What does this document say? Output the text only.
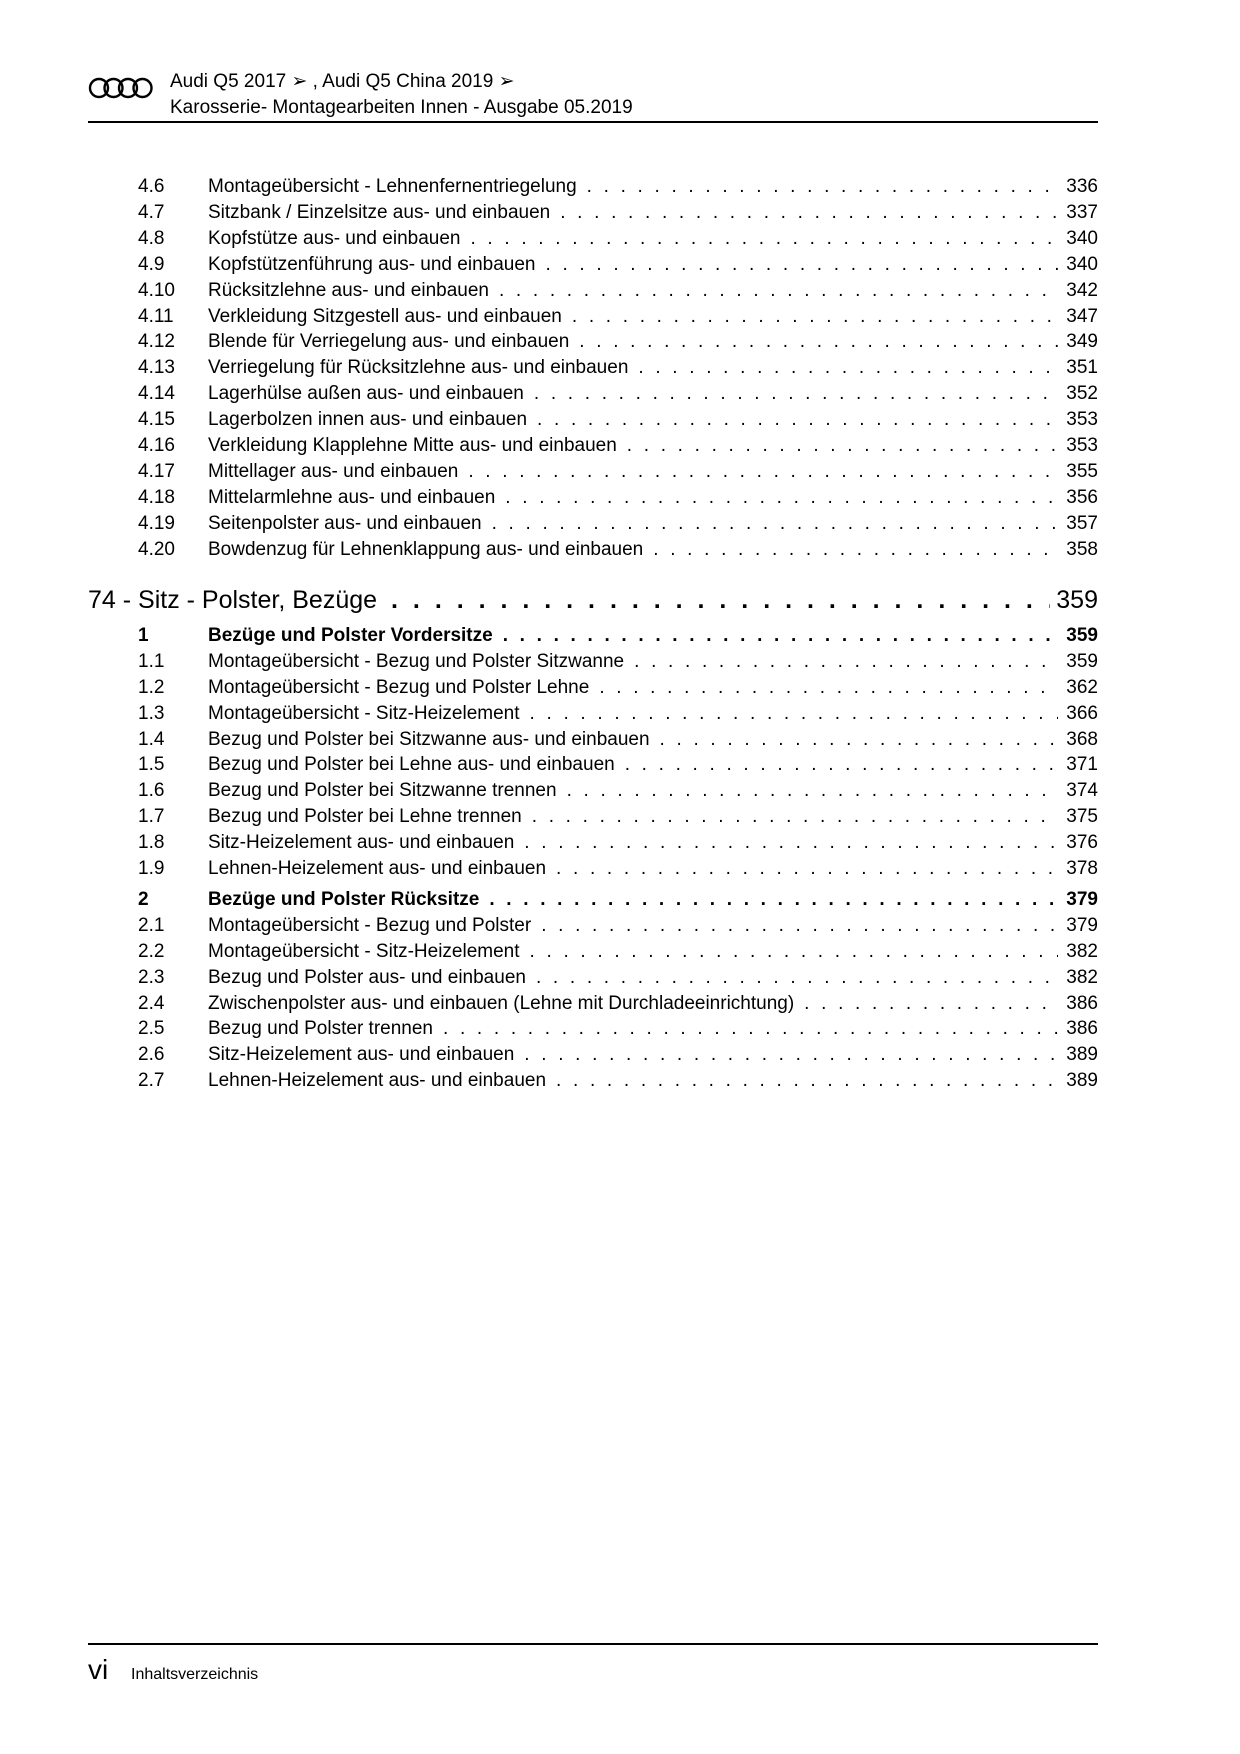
Audi Q5 2017 ➢ , Audi Q5 China 2019 ➢
Karosserie- Montagearbeiten Innen - Ausgabe 05.2019
74 - Sitz - Polster, Bezüge . . .	359
4.6 Montageübersicht - Lehnenfernentriegelung . . .	336
4.7 Sitzbank / Einzelsitze aus- und einbauen . . .	337
4.8 Kopfstütze aus- und einbauen . . .	340
4.9 Kopfstützenführung aus- und einbauen . . .	340
4.10 Rücksitzlehne aus- und einbauen . . .	342
4.11 Verkleidung Sitzgestell aus- und einbauen . . .	347
4.12 Blende für Verriegelung aus- und einbauen . . .	349
4.13 Verriegelung für Rücksitzlehne aus- und einbauen . . .	351
4.14 Lagerhülse außen aus- und einbauen . . .	352
4.15 Lagerbolzen innen aus- und einbauen . . .	353
4.16 Verkleidung Klapplehne Mitte aus- und einbauen . . .	353
4.17 Mittellager aus- und einbauen . . .	355
4.18 Mittelarmlehne aus- und einbauen . . .	356
4.19 Seitenpolster aus- und einbauen . . .	357
4.20 Bowdenzug für Lehnenklappung aus- und einbauen . . .	358
1	Bezüge und Polster Vordersitze . . .	359
1.1 Montageübersicht - Bezug und Polster Sitzwanne . . .	359
1.2 Montageübersicht - Bezug und Polster Lehne . . .	362
1.3 Montageübersicht - Sitz-Heizelement . . .	366
1.4 Bezug und Polster bei Sitzwanne aus- und einbauen . . .	368
1.5 Bezug und Polster bei Lehne aus- und einbauen . . .	371
1.6 Bezug und Polster bei Sitzwanne trennen . . .	374
1.7 Bezug und Polster bei Lehne trennen . . .	375
1.8 Sitz-Heizelement aus- und einbauen . . .	376
1.9 Lehnen-Heizelement aus- und einbauen . . .	378
2	Bezüge und Polster Rücksitze . . .	379
2.1 Montageübersicht - Bezug und Polster . . .	379
2.2 Montageübersicht - Sitz-Heizelement . . .	382
2.3 Bezug und Polster aus- und einbauen . . .	382
2.4 Zwischenpolster aus- und einbauen (Lehne mit Durchladeeinrichtung) . . .	386
2.5 Bezug und Polster trennen . . .	386
2.6 Sitz-Heizelement aus- und einbauen . . .	389
2.7 Lehnen-Heizelement aus- und einbauen . . .	389
vi Inhaltsverzeichnis
